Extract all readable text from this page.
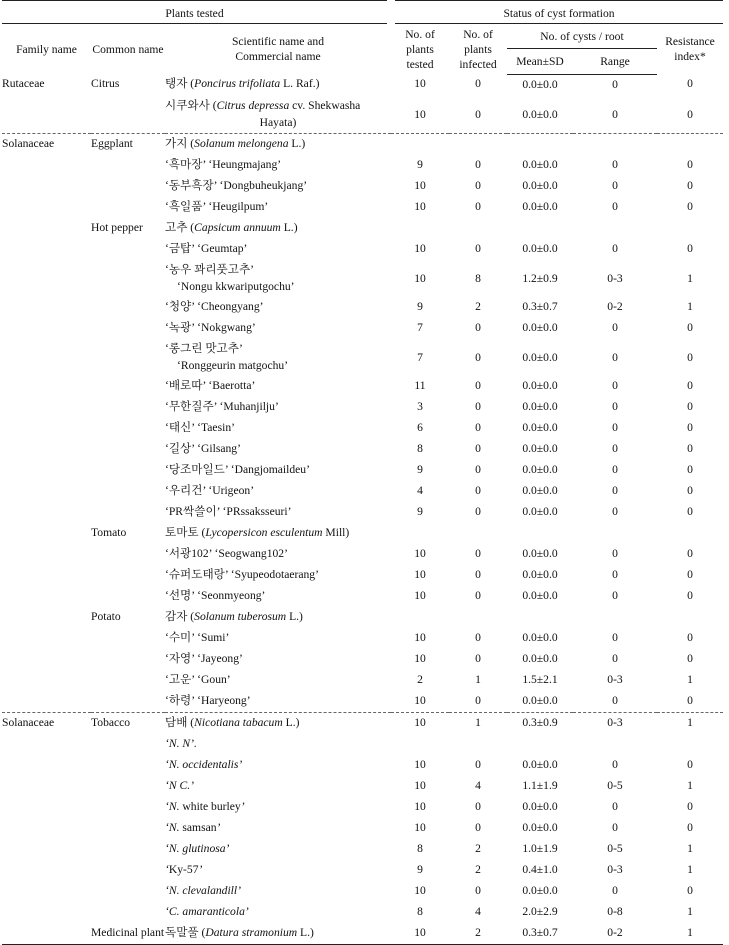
Plants tested			Status of cyst formation				
Family name	Common name	Scientific name and Commercial name	No. of plants tested	No. of plants infected	No. of cysts / root		Resistance index*
					Mean±SD	Range	
Rutaceae	Citrus	탱자 (Poncirus trifoliata L. Raf.)	10	0	0.0±0.0	0	0
		시쿠와사 (Citrus depressa cv. Shekwasha
Hayata)	10	0	0.0±0.0	0	0
Solanaceae	Eggplant	가지 (Solanum melongena L.)					
		‘흑마장’ ‘Heungmajang’	9	0	0.0±0.0	0	0
		‘동부흑장’ ‘Dongbuheukjang’	10	0	0.0±0.0	0	0
		‘흑일품’ ‘Heugilpum’	10	0	0.0±0.0	0	0
	Hot pepper	고추 (Capsicum annuum L.)					
		‘금탑’ ‘Geumtap’	10	0	0.0±0.0	0	0
		‘농우 꽈리풋고추’
‘Nongu kkwariputgochu’	10	8	1.2±0.9	0-3	1
		‘청양’ ‘Cheongyang’	9	2	0.3±0.7	0-2	1
		‘녹광’ ‘Nokgwang’	7	0	0.0±0.0	0	0
		‘롱그린 맛고추’
‘Ronggeurin matgochu’	7	0	0.0±0.0	0	0
		‘배로따’ ‘Baerotta’	11	0	0.0±0.0	0	0
		‘무한질주’ ‘Muhanjilju’	3	0	0.0±0.0	0	0
		‘태신’ ‘Taesin’	6	0	0.0±0.0	0	0
		‘길상’ ‘Gilsang’	8	0	0.0±0.0	0	0
		‘당조마일드’ ‘Dangjomaildeu’	9	0	0.0±0.0	0	0
		‘우리건’ ‘Urigeon’	4	0	0.0±0.0	0	0
		‘PR싹쓸이’ ‘PRssaksseuri’	9	0	0.0±0.0	0	0
	Tomato	토마토 (Lycopersicon esculentum Mill)					
		‘서광102’ ‘Seogwang102’	10	0	0.0±0.0	0	0
		‘슈퍼도태랑’ ‘Syupeodotaerang’	10	0	0.0±0.0	0	0
		‘선명’ ‘Seonmyeong’	10	0	0.0±0.0	0	0
	Potato	감자 (Solanum tuberosum L.)					
		‘수미’ ‘Sumi’	10	0	0.0±0.0	0	0
		‘자영’ ‘Jayeong’	10	0	0.0±0.0	0	0
		‘고운’ ‘Goun’	2	1	1.5±2.1	0-3	1
		‘하령’ ‘Haryeong’	10	0	0.0±0.0	0	0
Solanaceae	Tobacco	담배 (Nicotiana tabacum L.)	10	1	0.3±0.9	0-3	1
		‘N. N’.					
		‘N. occidentalis’	10	0	0.0±0.0	0	0
		‘N C.’	10	4	1.1±1.9	0-5	1
		‘N. white burley’	10	0	0.0±0.0	0	0
		‘N. samsan’	10	0	0.0±0.0	0	0
		‘N. glutinosa’	8	2	1.0±1.9	0-5	1
		‘Ky-57’	9	2	0.4±1.0	0-3	1
		‘N. clevalandill’	10	0	0.0±0.0	0	0
		‘C. amaranticola’	8	4	2.0±2.9	0-8	1
	Medicinal plant	독말풀 (Datura stramonium L.)	10	2	0.3±0.7	0-2	1
